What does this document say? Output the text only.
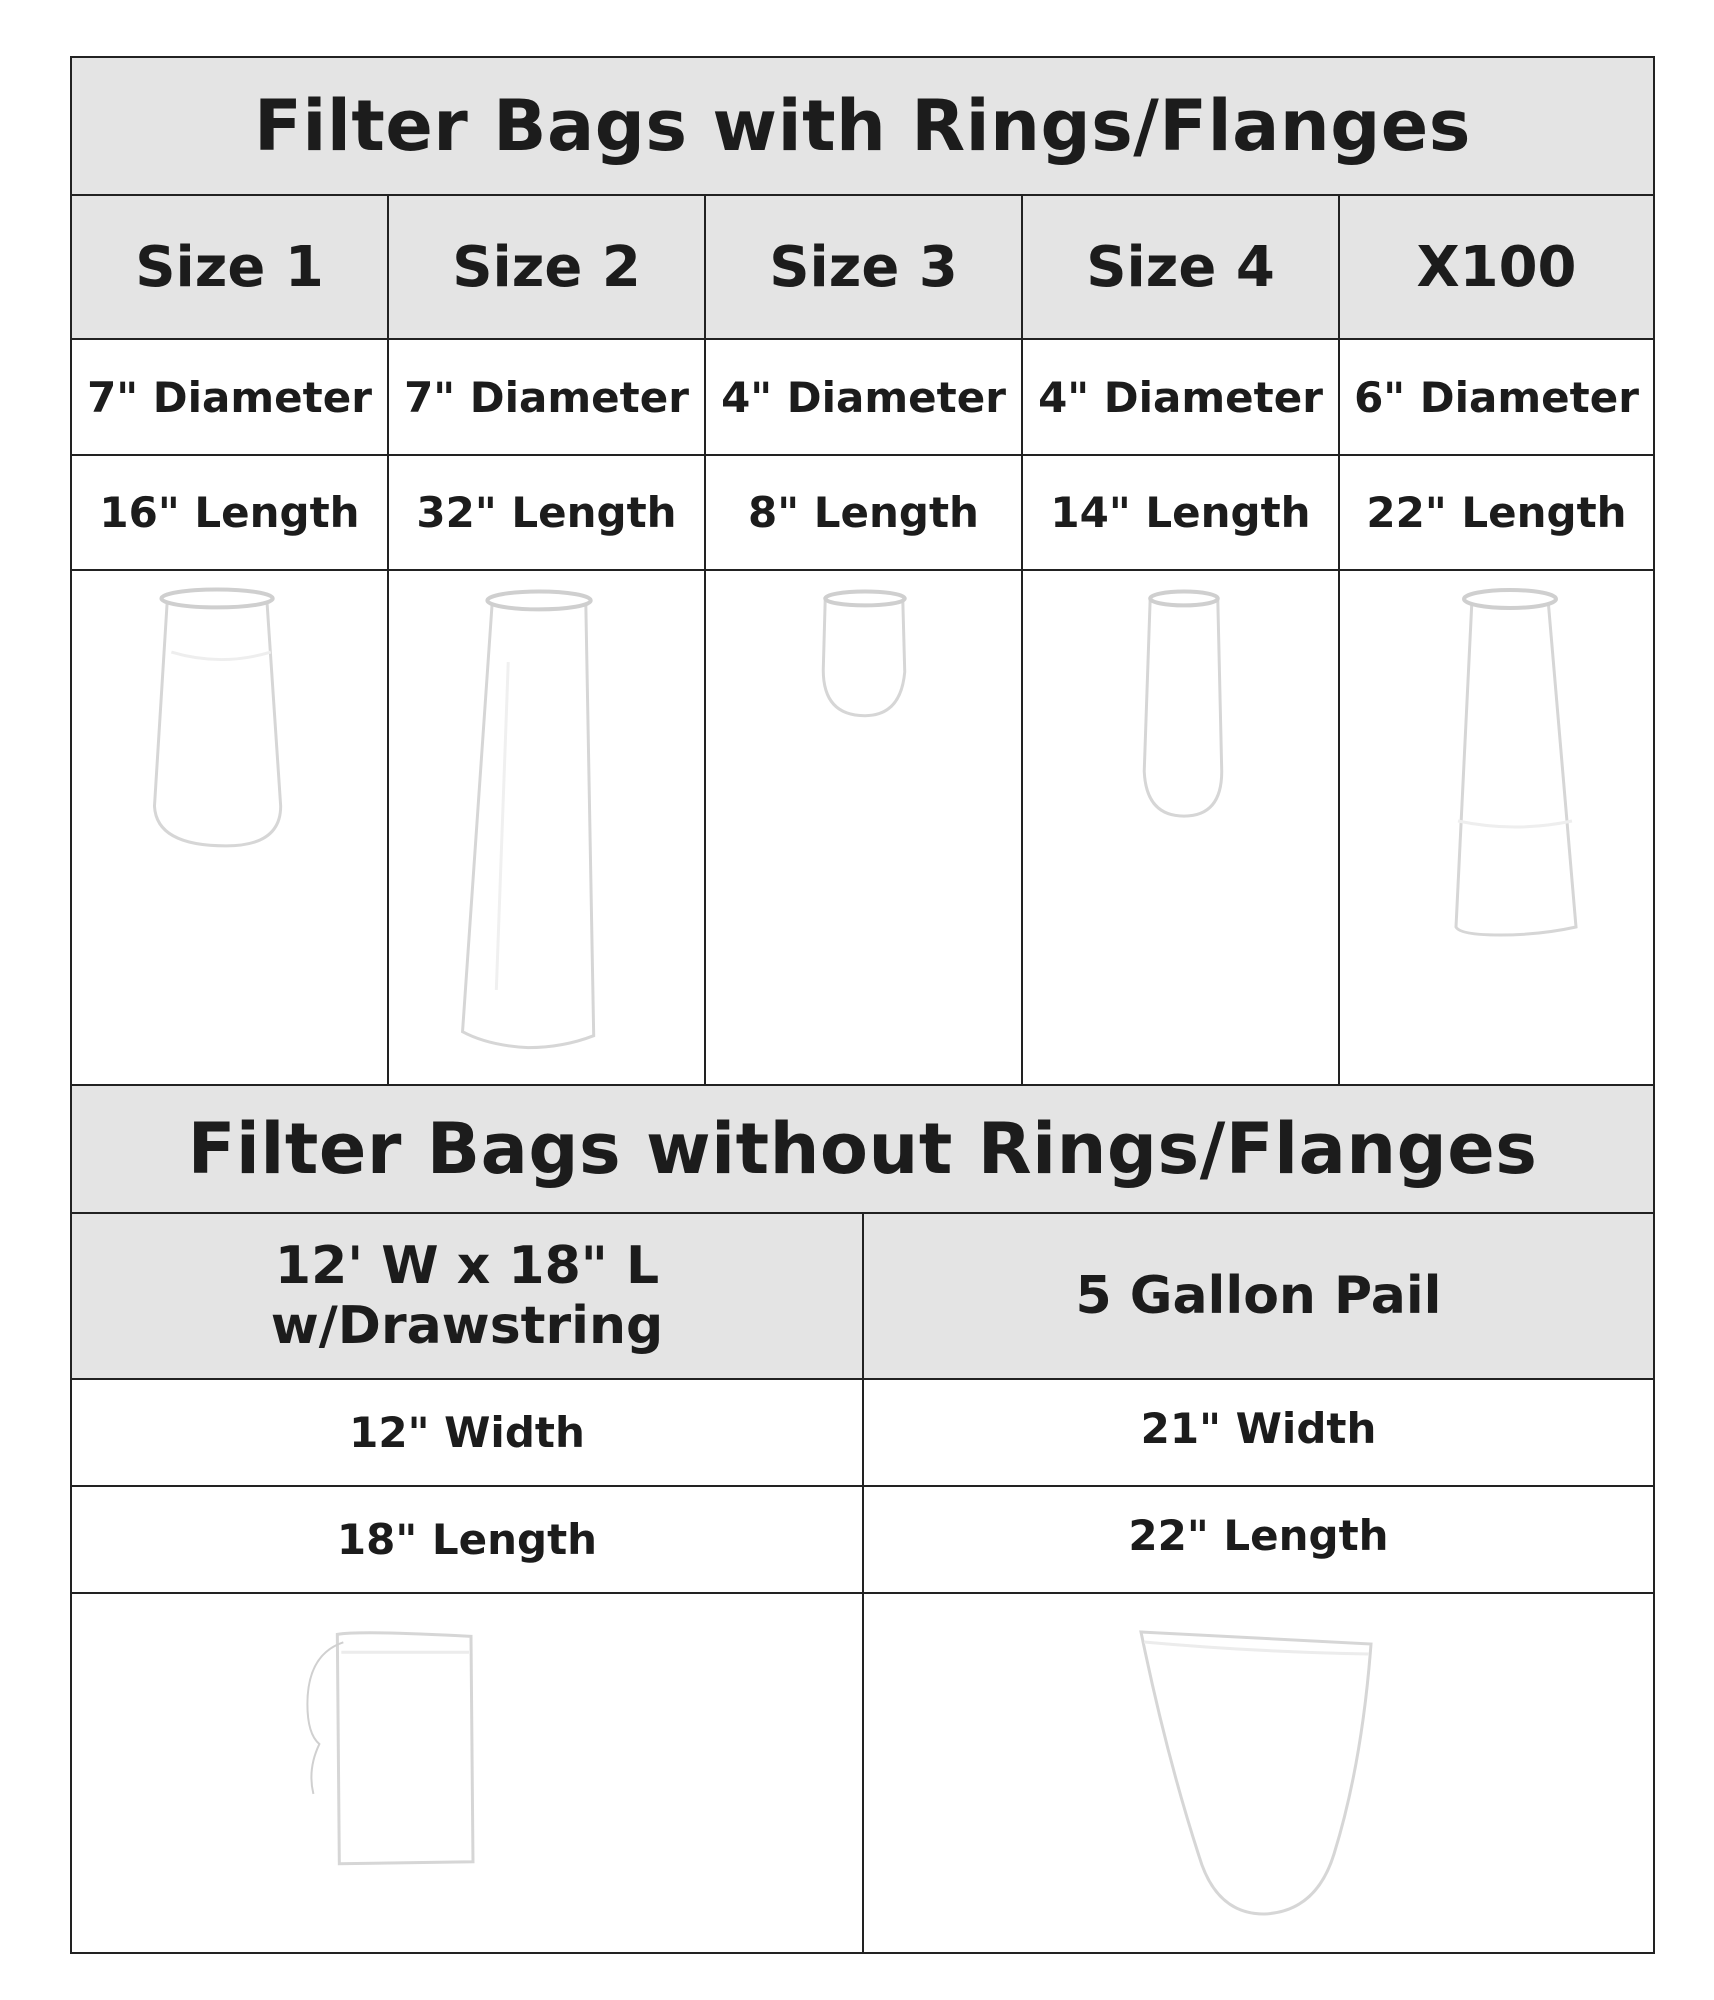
Filter Bags with Rings/Flanges
Size 1	Size 2	Size 3	Size 4	X100
7" Diameter 7" Diameter 4" Diameter 4" Diameter 6" Diameter
16" Length	32" Length	8" Length	14" Length	22" Length
Filter Bags without Rings/Flanges
12' W x 18" L w/Drawstring	5 Gallon Pail
12" Width	21" Width
18" Length	22" Length
